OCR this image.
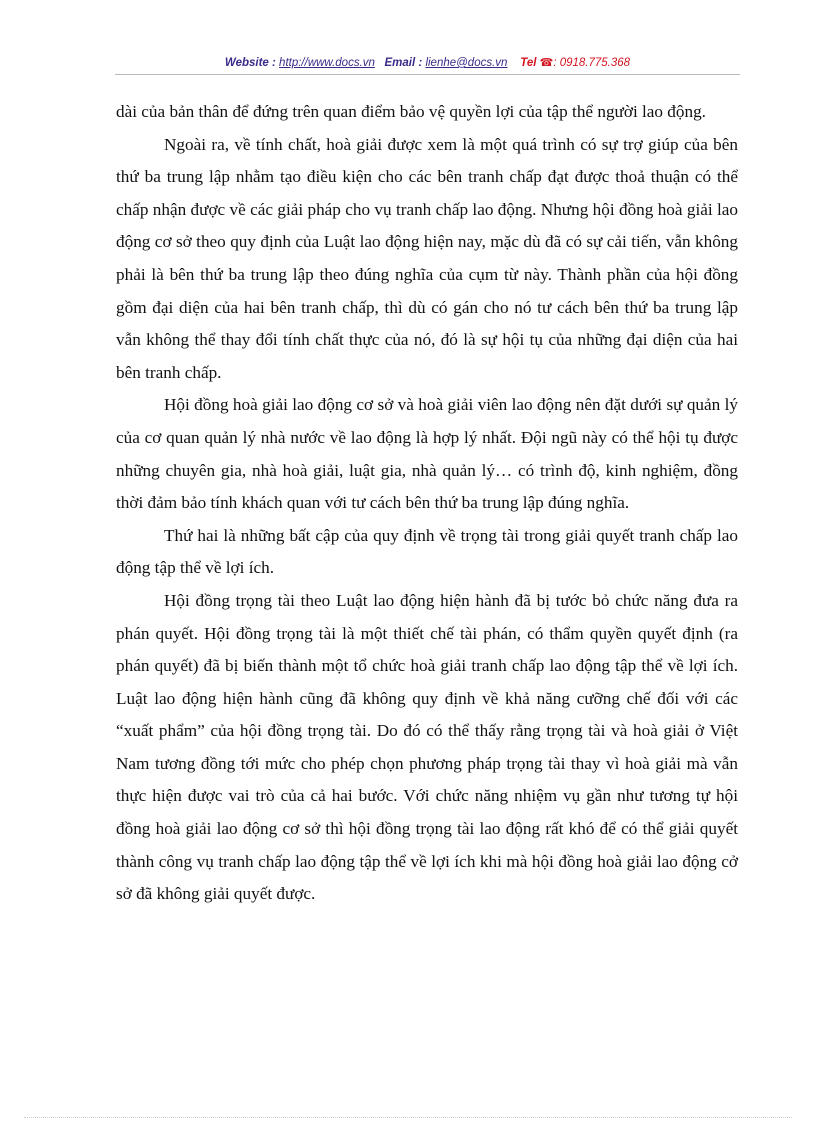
Website : http://www.docs.vn Email : lienhe@docs.vn Tel ☎: 0918.775.368

dài của bản thân để đứng trên quan điểm bảo vệ quyền lợi của tập thể người lao động.

Ngoài ra, về tính chất, hoà giải được xem là một quá trình có sự trợ giúp của bên thứ ba trung lập nhằm tạo điều kiện cho các bên tranh chấp đạt được thoả thuận có thể chấp nhận được về các giải pháp cho vụ tranh chấp lao động. Nhưng hội đồng hoà giải lao động cơ sở theo quy định của Luật lao động hiện nay, mặc dù đã có sự cải tiến, vẫn không phải là bên thứ ba trung lập theo đúng nghĩa của cụm từ này. Thành phần của hội đồng gồm đại diện của hai bên tranh chấp, thì dù có gán cho nó tư cách bên thứ ba trung lập vẫn không thể thay đổi tính chất thực của nó, đó là sự hội tụ của những đại diện của hai bên tranh chấp.

Hội đồng hoà giải lao động cơ sở và hoà giải viên lao động nên đặt dưới sự quản lý của cơ quan quản lý nhà nước về lao động là hợp lý nhất. Đội ngũ này có thể hội tụ được những chuyên gia, nhà hoà giải, luật gia, nhà quản lý… có trình độ, kinh nghiệm, đồng thời đảm bảo tính khách quan với tư cách bên thứ ba trung lập đúng nghĩa.

Thứ hai là những bất cập của quy định về trọng tài trong giải quyết tranh chấp lao động tập thể về lợi ích.

Hội đồng trọng tài theo Luật lao động hiện hành đã bị tước bỏ chức năng đưa ra phán quyết. Hội đồng trọng tài là một thiết chế tài phán, có thẩm quyền quyết định (ra phán quyết) đã bị biến thành một tổ chức hoà giải tranh chấp lao động tập thể về lợi ích. Luật lao động hiện hành cũng đã không quy định về khả năng cưỡng chế đối với các “xuất phẩm” của hội đồng trọng tài. Do đó có thể thấy rằng trọng tài và hoà giải ở Việt Nam tương đồng tới mức cho phép chọn phương pháp trọng tài thay vì hoà giải mà vẫn thực hiện được vai trò của cả hai bước. Với chức năng nhiệm vụ gần như tương tự hội đồng hoà giải lao động cơ sở thì hội đồng trọng tài lao động rất khó để có thể giải quyết thành công vụ tranh chấp lao động tập thể về lợi ích khi mà hội đồng hoà giải lao động cở sở đã không giải quyết được.
